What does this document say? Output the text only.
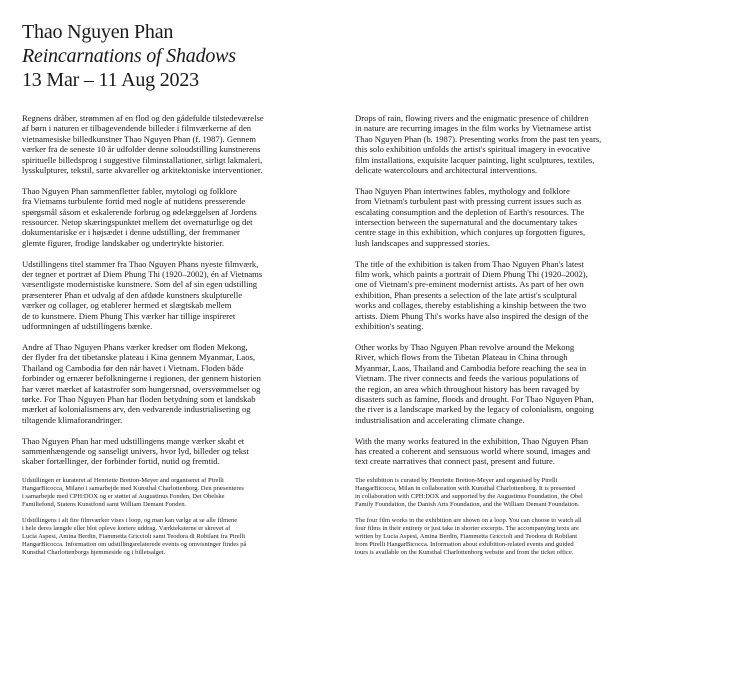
Thao Nguyen Phan
Reincarnations of Shadows
13 Mar – 11 Aug 2023
Regnens dråber, strømmen af en flod og den gådefulde tilstedeværelse
af børn i naturen er tilbagevendende billeder i filmværkerne af den
vietnamesiske billedkunstner Thao Nguyen Phan (f. 1987). Gennem
værker fra de seneste 10 år udfolder denne soloudstilling kunstnerens
spirituelle billedsprog i suggestive filminstallationer, sirligt lakmaleri,
lysskulpturer, tekstil, sarte akvareller og arkitektoniske interventioner.
Thao Nguyen Phan sammenfletter fabler, mytologi og folklore
fra Vietnams turbulente fortid med nogle af nutidens presserende
spørgsmål såsom et eskalerende forbrug og ødelæggelsen af Jordens
ressourcer. Netop skæringspunktet mellem det overnaturlige og det
dokumentariske er i højsædet i denne udstilling, der fremmaner
glemte figurer, frodige landskaber og undertrykte historier.
Udstillingens titel stammer fra Thao Nguyen Phans nyeste filmværk,
der tegner et portræt af Diem Phung Thi (1920–2002), én af Vietnams
væsentligste modernistiske kunstnere. Som del af sin egen udstilling
præsenterer Phan et udvalg af den afdøde kunstners skulpturelle
værker og collager, og etablerer hermed et slægtskab mellem
de to kunstnere. Diem Phung This værker har tillige inspireret
udformningen af udstillingens bænke.
Andre af Thao Nguyen Phans værker kredser om floden Mekong,
der flyder fra det tibetanske plateau i Kina gennem Myanmar, Laos,
Thailand og Cambodia før den når havet i Vietnam. Floden både
forbinder og ernærer befolkningerne i regionen, der gennem historien
har været mærket af katastrofer som hungersnød, oversvømmelser og
tørke. For Thao Nguyen Phan har floden betydning som et landskab
mærket af kolonialismens arv, den vedvarende industrialisering og
tiltagende klimaforandringer.
Thao Nguyen Phan har med udstillingens mange værker skabt et
sammenhængende og sanseligt univers, hvor lyd, billeder og tekst
skaber fortællinger, der forbinder fortid, nutid og fremtid.
Udstillingen er kurateret af Henriette Bretton-Meyer and organiseret af Pirelli
HangarBicocca, Milano i samarbejde med Kunsthal Charlottenborg. Den præsenteres
i samarbejde med CPH:DOX og er støttet af Augustinus Fonden, Det Obelske
Familiefond, Statens Kunstfond samt William Demant Fonden.
Udstillingens i alt fire filmværker vises i loop, og man kan vælge at se alle filmene
i hele deres længde eller blot opleve kortere uddrag. Værkteksterne er skrevet af
Lucia Aspesi, Amina Berdin, Fiammetta Griccioli samt Teodora di Robilant fra Pirelli
HangarBicocca. Information om udstillingsrelaterede events og omvisninger findes på
Kunsthal Charlottenborgs hjemmeside og i billetsalget.
Drops of rain, flowing rivers and the enigmatic presence of children
in nature are recurring images in the film works by Vietnamese artist
Thao Nguyen Phan (b. 1987). Presenting works from the past ten years,
this solo exhibition unfolds the artist's spiritual imagery in evocative
film installations, exquisite lacquer painting, light sculptures, textiles,
delicate watercolours and architectural interventions.
Thao Nguyen Phan intertwines fables, mythology and folklore
from Vietnam's turbulent past with pressing current issues such as
escalating consumption and the depletion of Earth's resources. The
intersection between the supernatural and the documentary takes
centre stage in this exhibition, which conjures up forgotten figures,
lush landscapes and suppressed stories.
The title of the exhibition is taken from Thao Nguyen Phan's latest
film work, which paints a portrait of Diem Phung Thi (1920–2002),
one of Vietnam's pre-eminent modernist artists. As part of her own
exhibition, Phan presents a selection of the late artist's sculptural
works and collages, thereby establishing a kinship between the two
artists. Diem Phung Thi's works have also inspired the design of the
exhibition's seating.
Other works by Thao Nguyen Phan revolve around the Mekong
River, which flows from the Tibetan Plateau in China through
Myanmar, Laos, Thailand and Cambodia before reaching the sea in
Vietnam. The river connects and feeds the various populations of
the region, an area which throughout history has been ravaged by
disasters such as famine, floods and drought. For Thao Nguyen Phan,
the river is a landscape marked by the legacy of colonialism, ongoing
industrialisation and accelerating climate change.
With the many works featured in the exhibition, Thao Nguyen Phan
has created a coherent and sensuous world where sound, images and
text create narratives that connect past, present and future.
The exhibition is curated by Henriette Bretton-Meyer and organised by Pirelli
HangarBicocca, Milan in collaboration with Kunsthal Charlottenborg. It is presented
in collaboration with CPH:DOX and supported by the Augustinus Foundation, the Obel
Family Foundation, the Danish Arts Foundation, and the William Demant Foundation.
The four film works in the exhibition are shown on a loop. You can choose to watch all
four films in their entirety or just take in shorter excerpts. The accompanying texts are
written by Lucia Aspesi, Amina Berdin, Fiammetta Griccioli and Teodora di Robilant
from Pirelli HangarBicocca. Information about exhibition-related events and guided
tours is available on the Kunsthal Charlottenborg website and from the ticket office.
